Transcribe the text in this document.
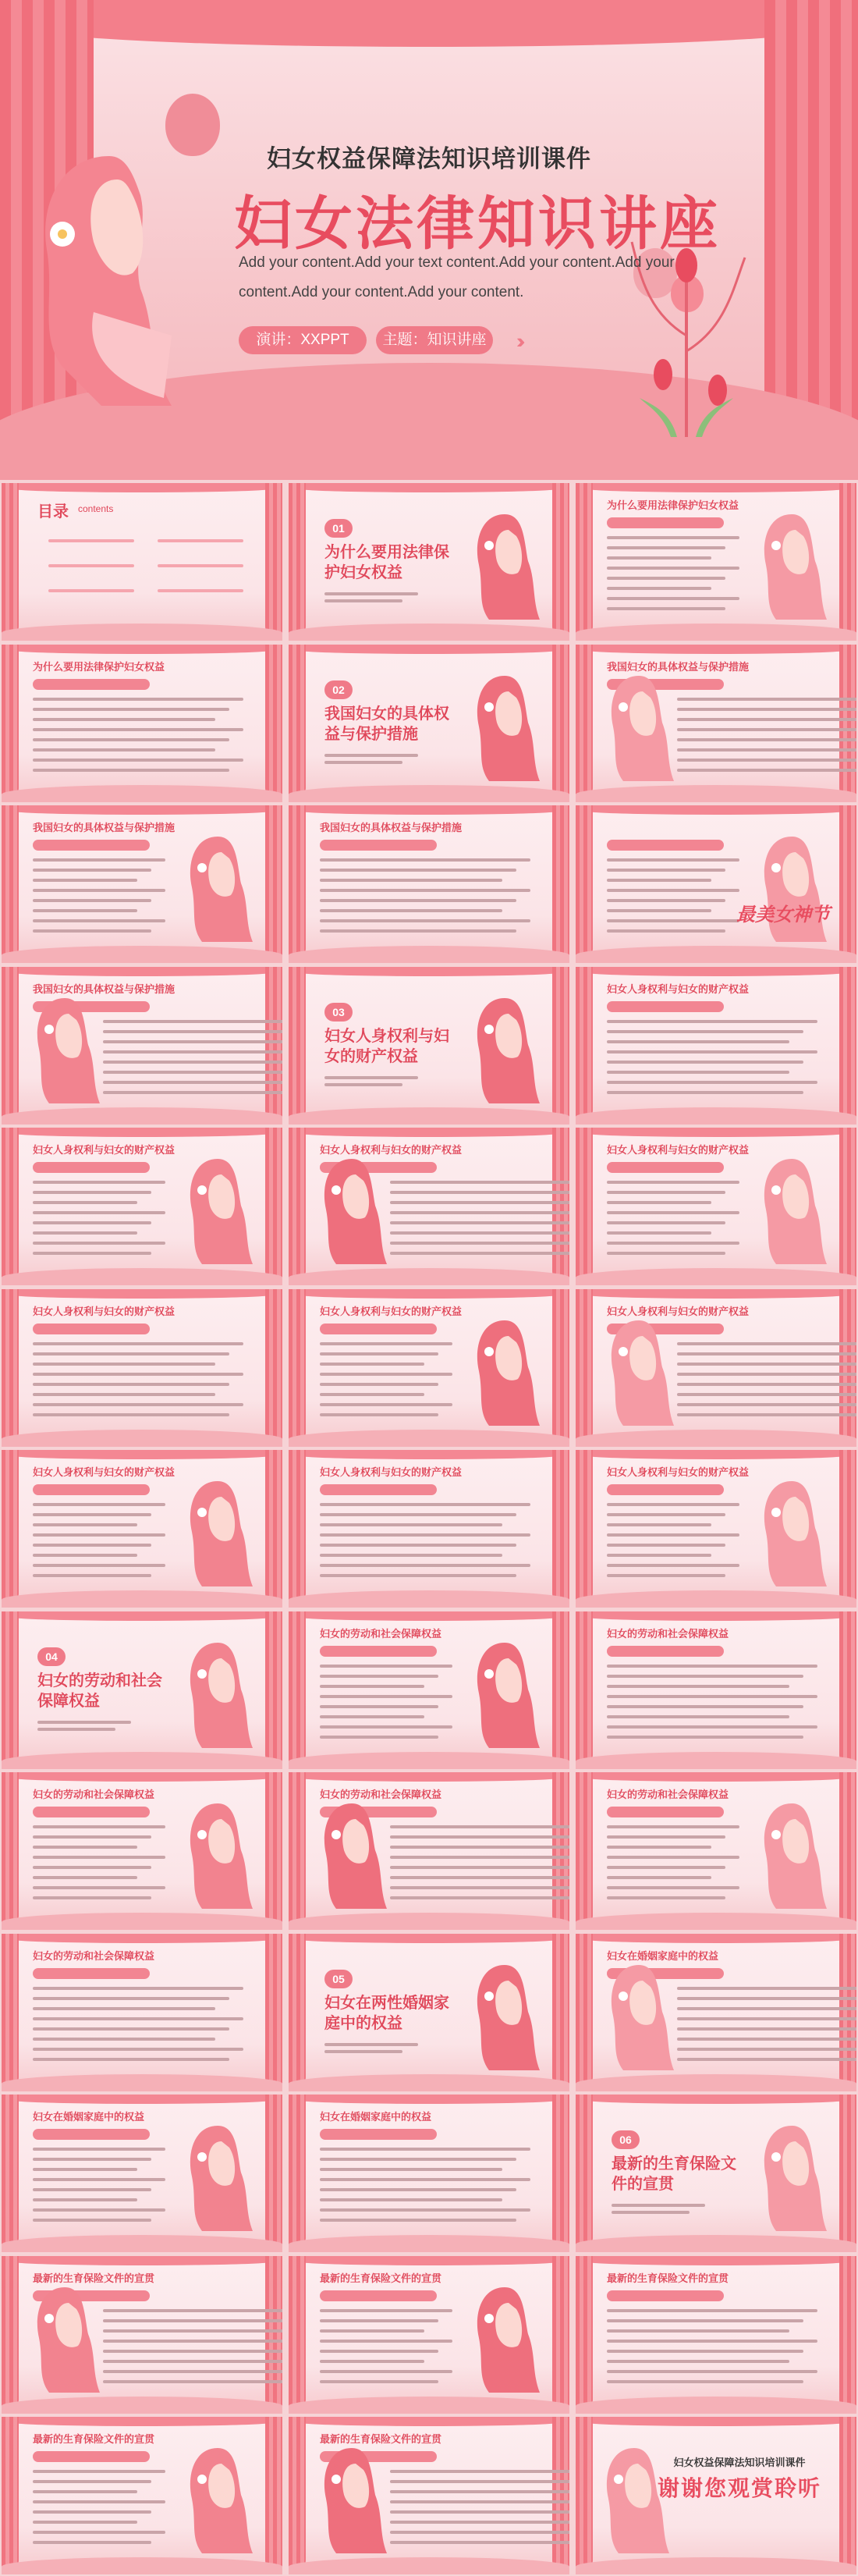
妇女权益保障法知识培训课件
妇女法律知识讲座
Add your content.Add your text content.Add your content.Add your content.Add your content.Add your content.
演讲：XXPPT	主题：知识讲座	›››››
目录 contents
01
为什么要用法律保护妇女权益
为什么要用法律保护妇女权益
为什么要用法律保护妇女权益
02
我国妇女的具体权益与保护措施
我国妇女的具体权益与保护措施
我国妇女的具体权益与保护措施	我国妇女的具体权益与保护措施
最美女神节
我国妇女的具体权益与保护措施
03
妇女人身权利与妇女的财产权益
妇女人身权利与妇女的财产权益
妇女人身权利与妇女的财产权益	妇女人身权利与妇女的财产权益	妇女人身权利与妇女的财产权益
妇女人身权利与妇女的财产权益	妇女人身权利与妇女的财产权益	妇女人身权利与妇女的财产权益
妇女人身权利与妇女的财产权益	妇女人身权利与妇女的财产权益	妇女人身权利与妇女的财产权益
04
妇女的劳动和社会保障权益
妇女的劳动和社会保障权益	妇女的劳动和社会保障权益
妇女的劳动和社会保障权益	妇女的劳动和社会保障权益	妇女的劳动和社会保障权益
妇女的劳动和社会保障权益
05
妇女在两性婚姻家庭中的权益
妇女在婚姻家庭中的权益
妇女在婚姻家庭中的权益	妇女在婚姻家庭中的权益
06
最新的生育保险文件的宣贯
最新的生育保险文件的宣贯	最新的生育保险文件的宣贯	最新的生育保险文件的宣贯
最新的生育保险文件的宣贯	最新的生育保险文件的宣贯
妇女权益保障法知识培训课件
谢谢您观赏聆听
